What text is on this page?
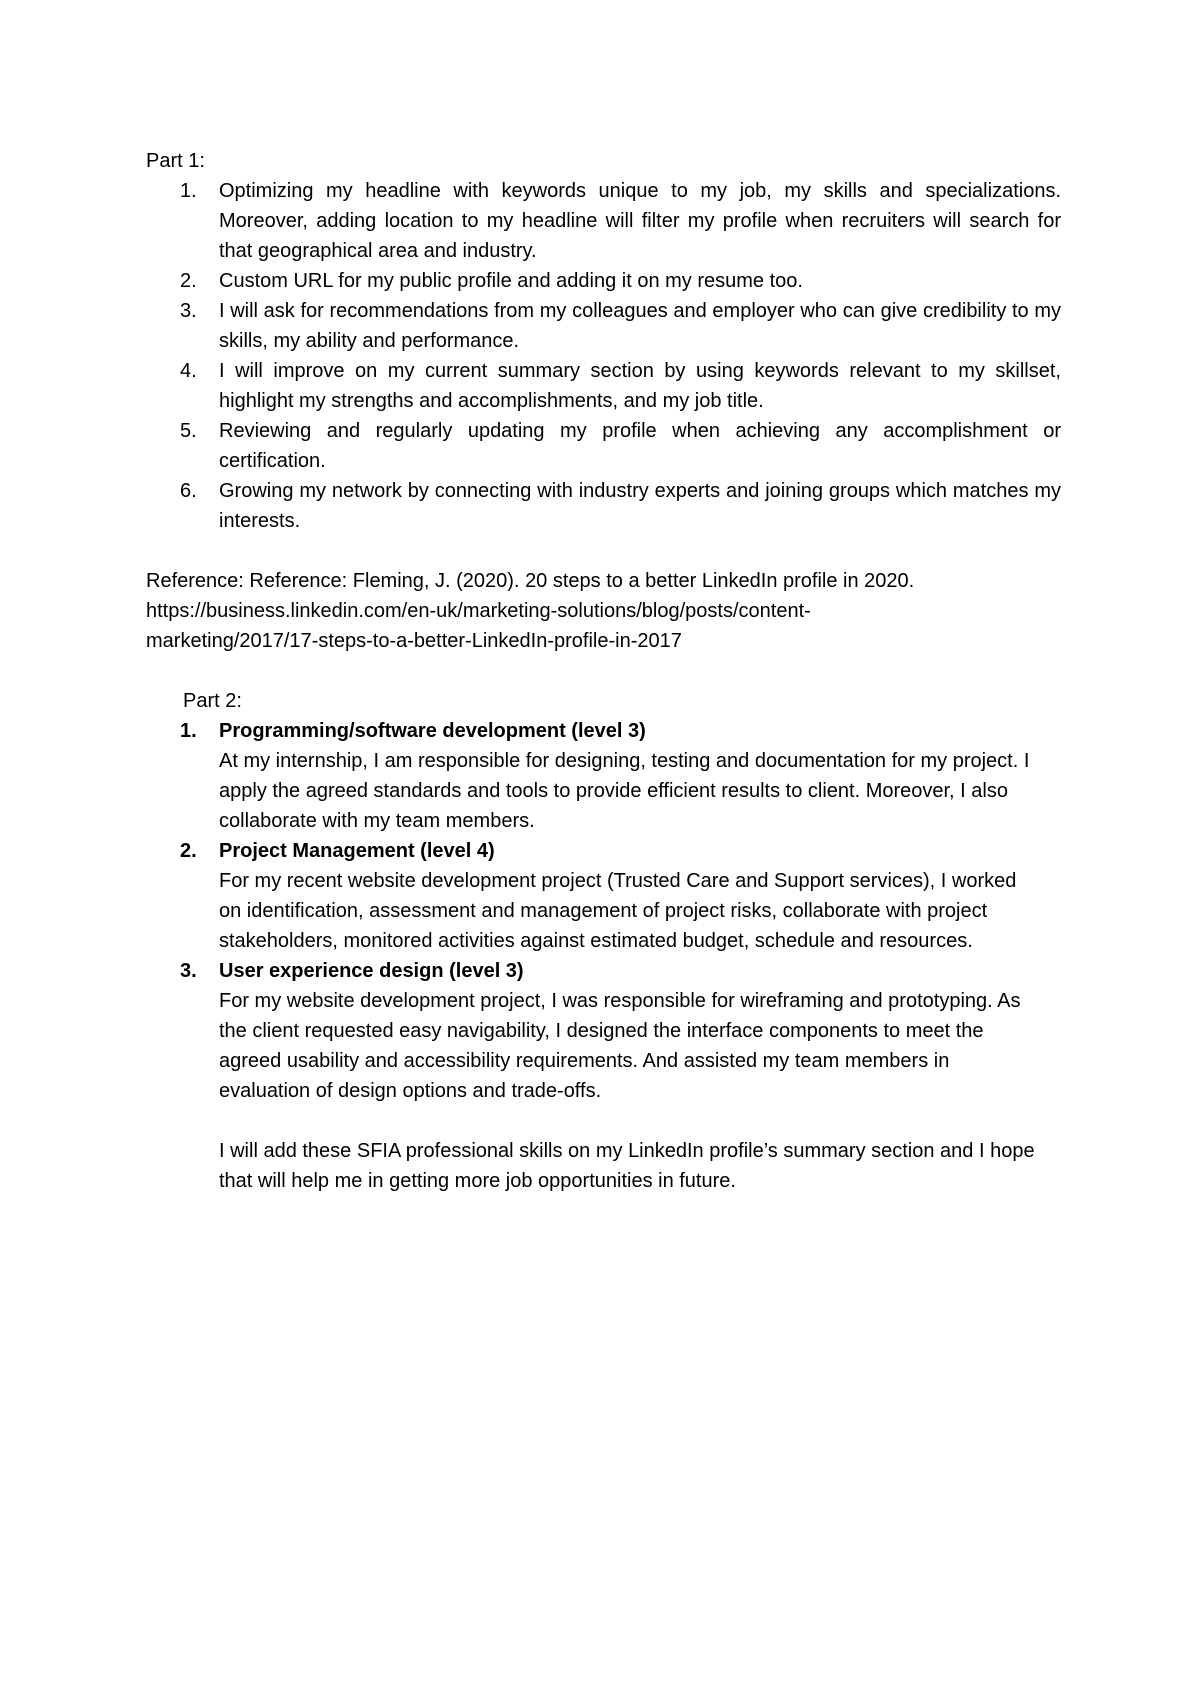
Part 1:

1.	Optimizing my headline with keywords unique to my job, my skills and specializations. Moreover, adding location to my headline will filter my profile when recruiters will search for that geographical area and industry.
2.	Custom URL for my public profile and adding it on my resume too.
3.	I will ask for recommendations from my colleagues and employer who can give credibility to my skills, my ability and performance.
4.	I will improve on my current summary section by using keywords relevant to my skillset, highlight my strengths and accomplishments, and my job title.
5.	Reviewing and regularly updating my profile when achieving any accomplishment or certification.
6.	Growing my network by connecting with industry experts and joining groups which matches my interests.

Reference: Reference: Fleming, J. (2020). 20 steps to a better LinkedIn profile in 2020.

https://business.linkedin.com/en-uk/marketing-solutions/blog/posts/content-

marketing/2017/17-steps-to-a-better-LinkedIn-profile-in-2017

Part 2:

1.	Programming/software development (level 3)
At my internship, I am responsible for designing, testing and documentation for my project. I apply the agreed standards and tools to provide efficient results to client. Moreover, I also collaborate with my team members.
2.	Project Management (level 4)
For my recent website development project (Trusted Care and Support services), I worked on identification, assessment and management of project risks, collaborate with project stakeholders, monitored activities against estimated budget, schedule and resources.
3.	User experience design (level 3)
For my website development project, I was responsible for wireframing and prototyping. As the client requested easy navigability, I designed the interface components to meet the agreed usability and accessibility requirements. And assisted my team members in evaluation of design options and trade-offs.

I will add these SFIA professional skills on my LinkedIn profile’s summary section and I hope that will help me in getting more job opportunities in future.
